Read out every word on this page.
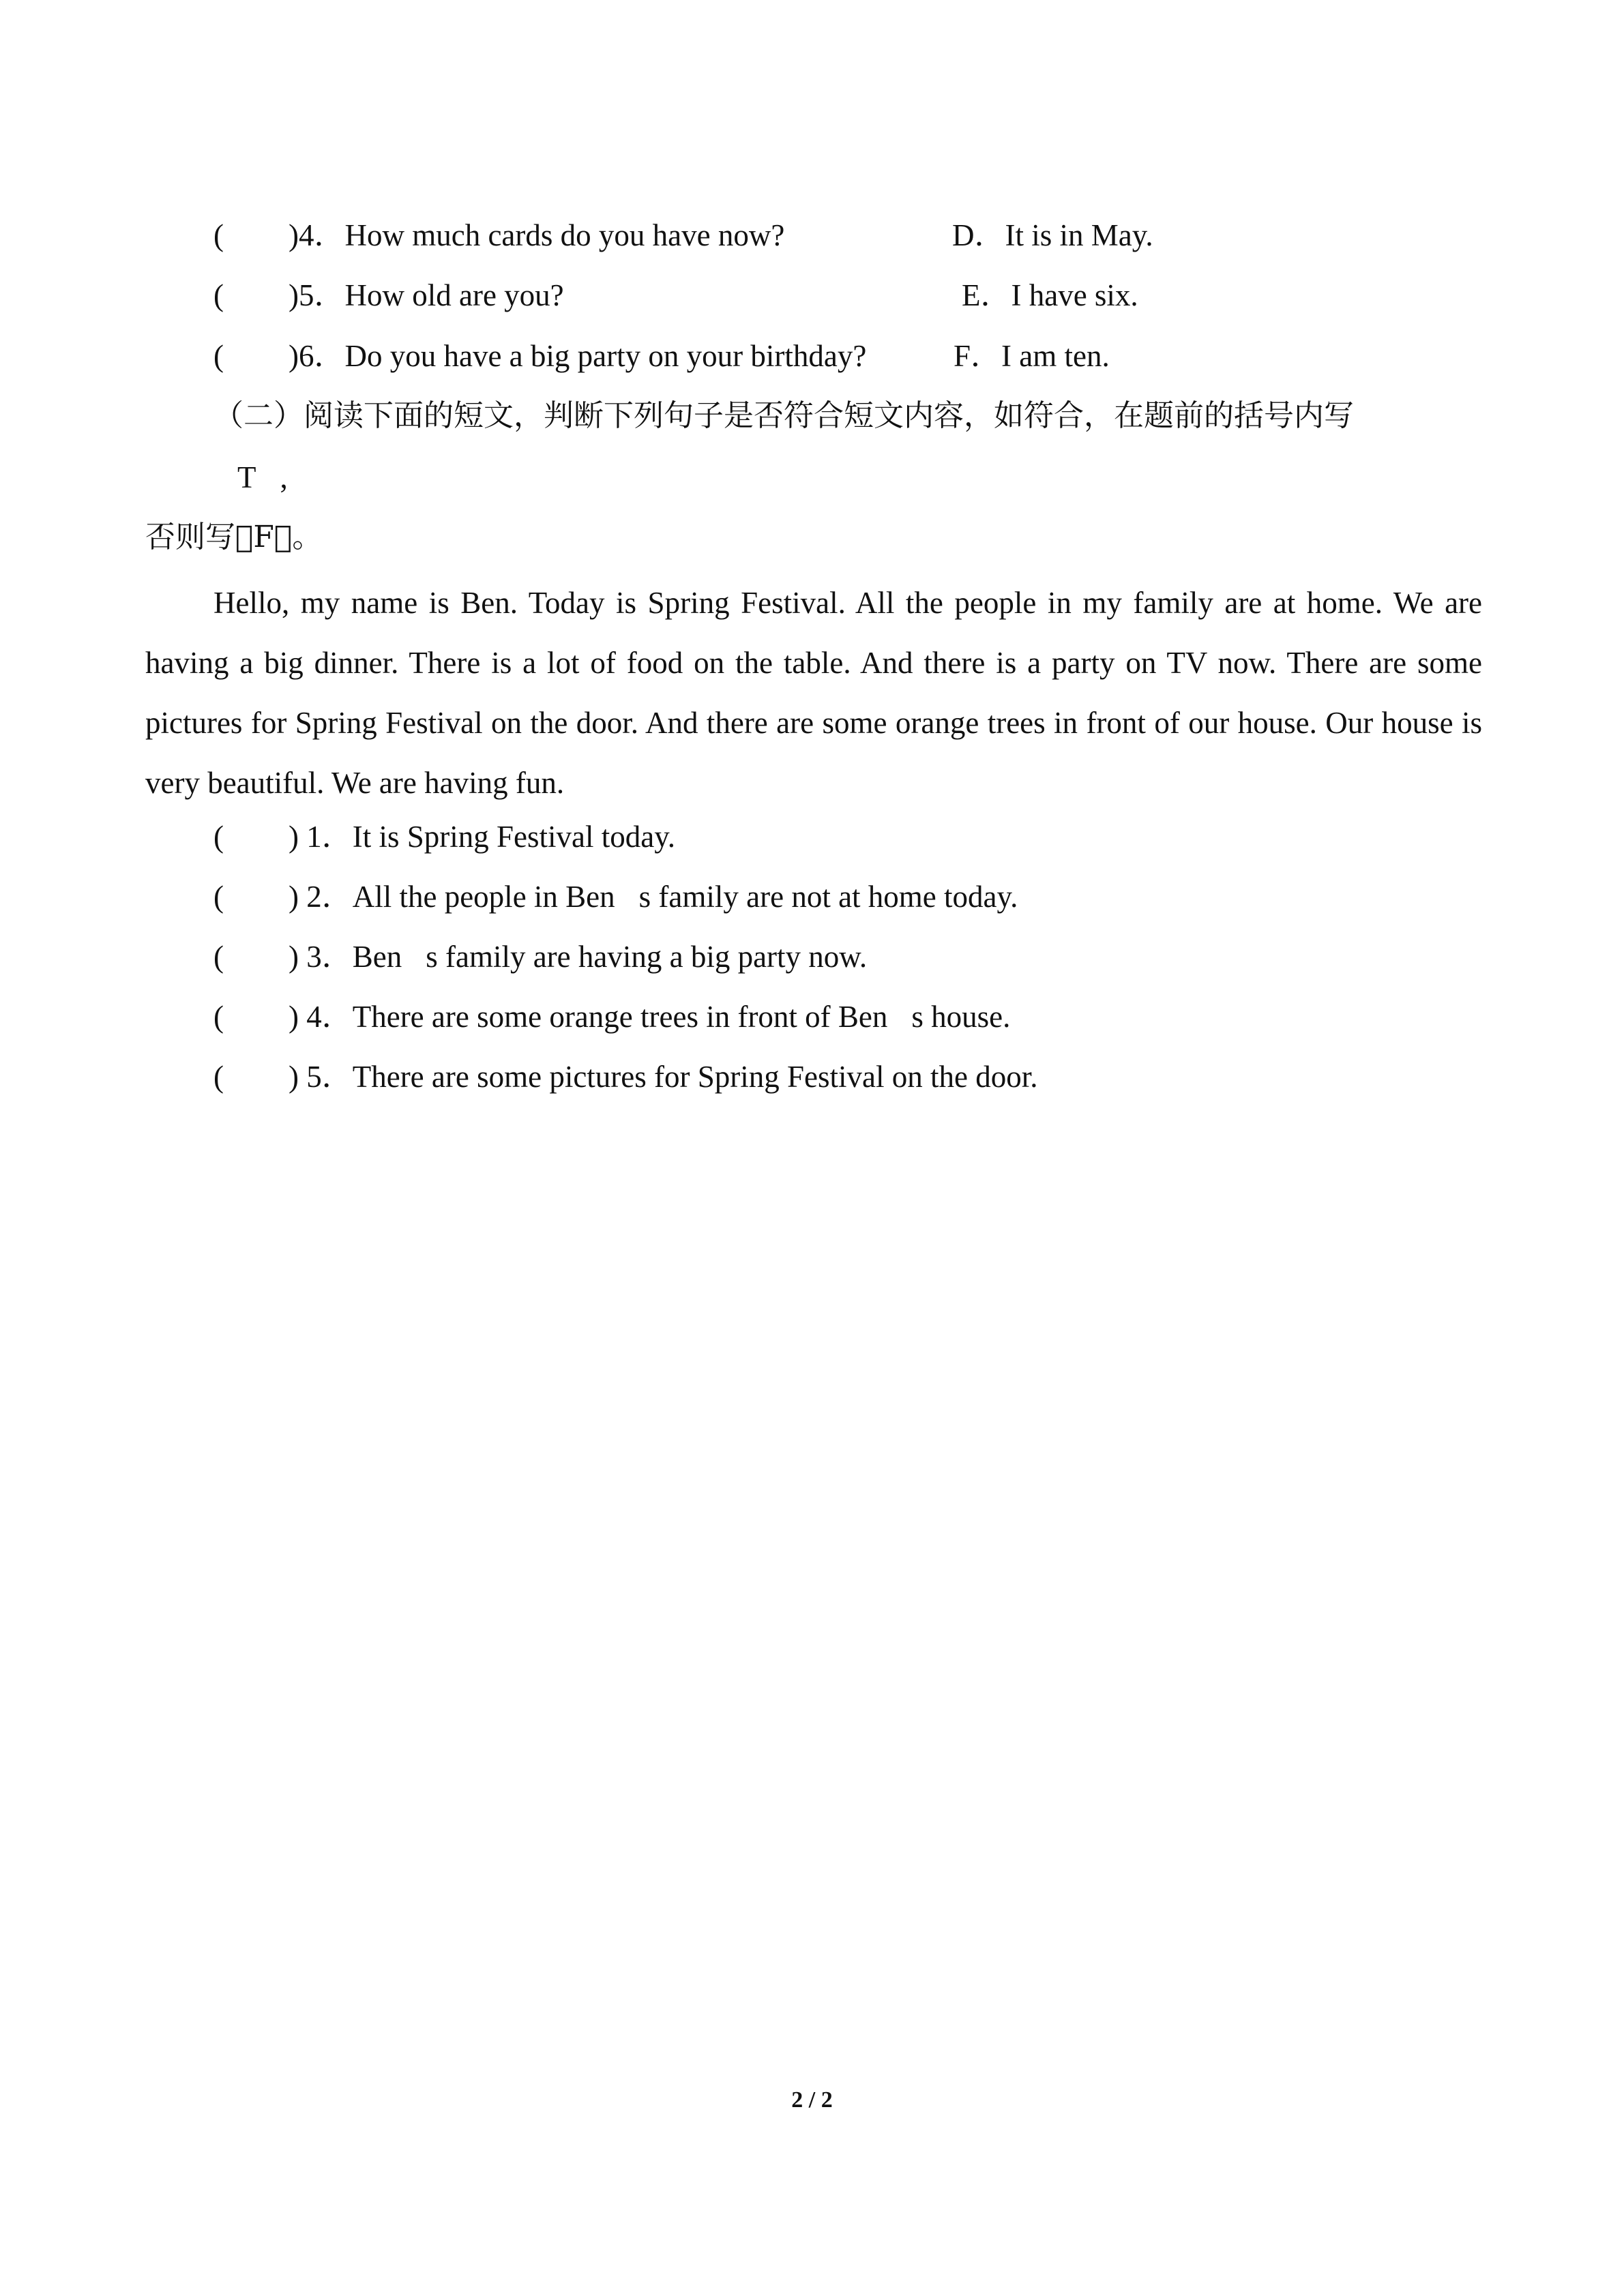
( )4．How much cards do you have now?	D．It is in May.
( )5．How old are you?	E．I have six.
( )6．Do you have a big party on your birthday?	F．I am ten.
（二）阅读下面的短文，判断下列句子是否符合短文内容，如符合，在题前的括号内写
 T ,
否则写 F 。
Hello, my name is Ben. Today is Spring Festival. All the people in my family are at home. We are having a big dinner. There is a lot of food on the table. And there is a party on TV now. There are some pictures for Spring Festival on the door. And there are some orange trees in front of our house. Our house is very beautiful. We are having fun.
( ) 1．It is Spring Festival today.
( ) 2．All the people in Ben s family are not at home today.
( ) 3．Ben s family are having a big party now.
( ) 4．There are some orange trees in front of Ben s house.
( ) 5．There are some pictures for Spring Festival on the door.
2 / 2
